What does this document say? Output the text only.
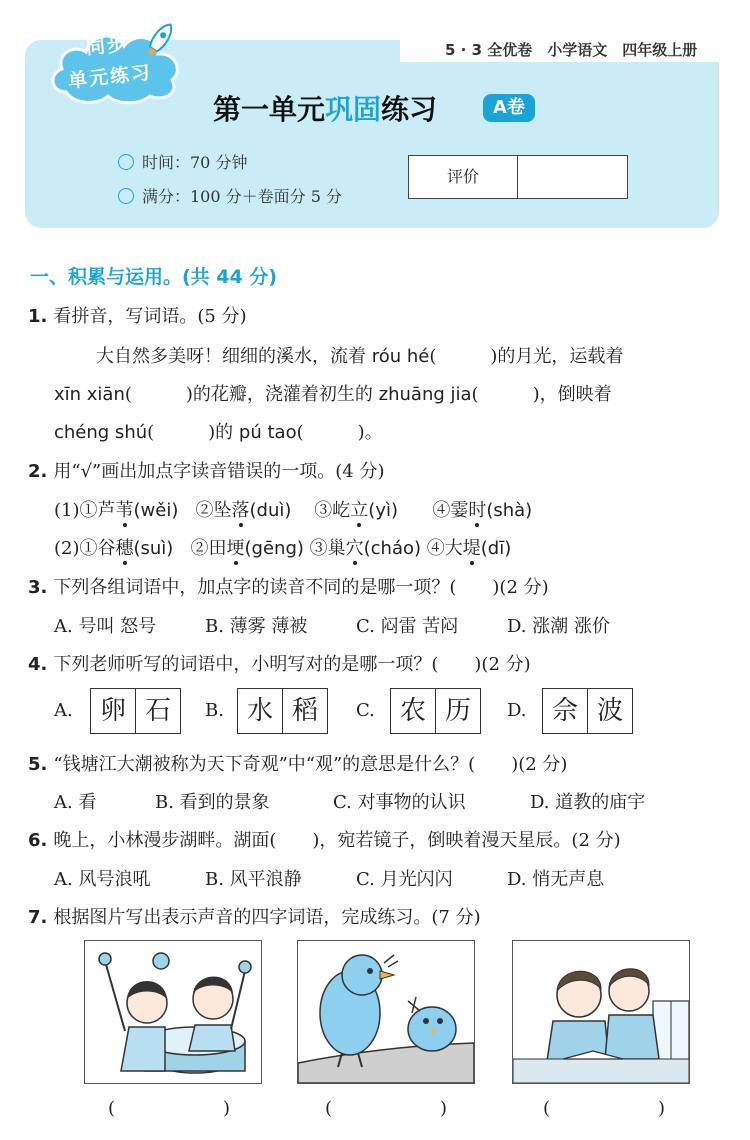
5 · 3 全优卷　小学语文　四年级上册
同步
单元练习
第一单元巩固练习	A卷
时间：70 分钟
满分：100 分＋卷面分 5 分
评价
一、积累与运用。(共 44 分)
1. 看拼音，写词语。(5 分)
大自然多美呀！细细的溪水，流着 róu hé(　　　)的月光，运载着
xīn xiān(　　　)的花瓣，浇灌着初生的 zhuāng jia(　　　)，倒映着
chéng shú(　　　)的 pú tao(　　　)。
2. 用“√”画出加点字读音错误的一项。(4 分)
(1)①芦苇(wěi) ②坠落(duì) ③屹立(yì) ④霎时(shà)
(2)①谷穗(suì) ②田埂(gēng) ③巢穴(cháo) ④大堤(dī)
3. 下列各组词语中，加点字的读音不同的是哪一项？(　　)(2 分)
A. 号叫 怒号	B. 薄雾 薄被	C. 闷雷 苦闷	D. 涨潮 涨价
4. 下列老师听写的词语中，小明写对的是哪一项？(　　)(2 分)
A.	卵 石	B. 水 稻	C. 农 历	D. 佘 波
5. “钱塘江大潮被称为天下奇观”中“观”的意思是什么？(　　)(2 分)
A. 看	B. 看到的景象	C. 对事物的认识	D. 道教的庙宇
6. 晚上，小林漫步湖畔。湖面(　　)，宛若镜子，倒映着漫天星辰。(2 分)
A. 风号浪吼	B. 风平浪静	C. 月光闪闪	D. 悄无声息
7. 根据图片写出表示声音的四字词语，完成练习。(7 分)
(　　　　　　)	(　　　　　　)	(　　　　　　)
